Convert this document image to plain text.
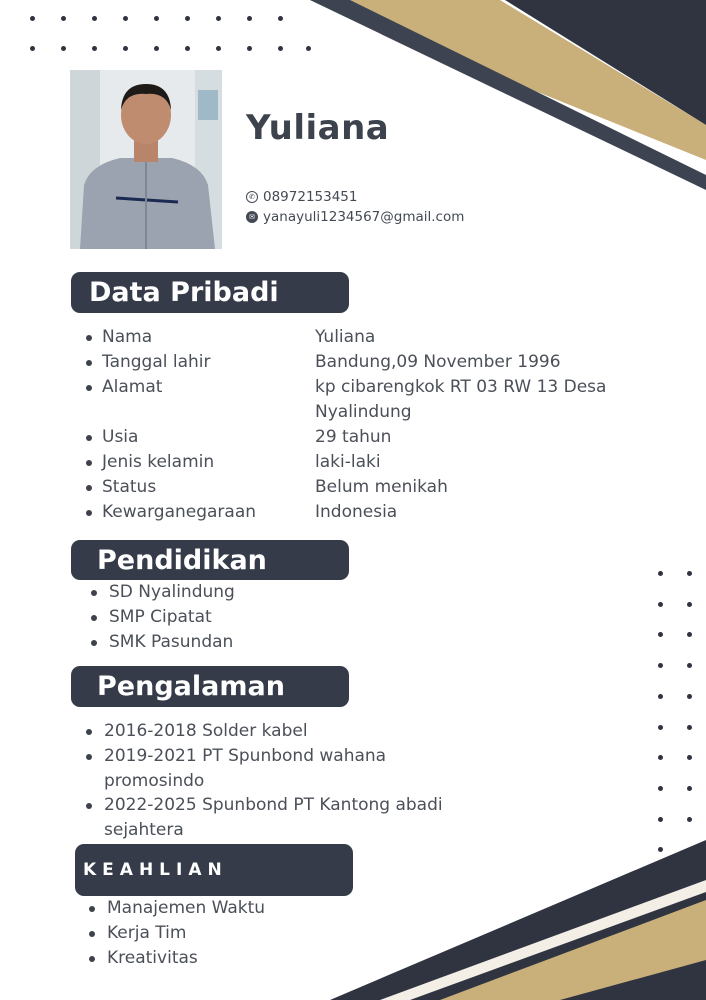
Yuliana
✆ 08972153451
✉ yanayuli1234567@gmail.com
Data Pribadi
Nama	Yuliana
Tanggal lahir	Bandung,09 November 1996
Alamat	kp cibarengkok RT 03 RW 13 Desa Nyalindung
Usia	29 tahun
Jenis kelamin	laki-laki
Status	Belum menikah
Kewarganegaraan	Indonesia
Pendidikan
SD Nyalindung
SMP Cipatat
SMK Pasundan
Pengalaman
2016-2018 Solder kabel
2019-2021 PT Spunbond wahana promosindo
2022-2025 Spunbond PT Kantong abadi sejahtera
KEAHLIAN
Manajemen Waktu
Kerja Tim
Kreativitas
